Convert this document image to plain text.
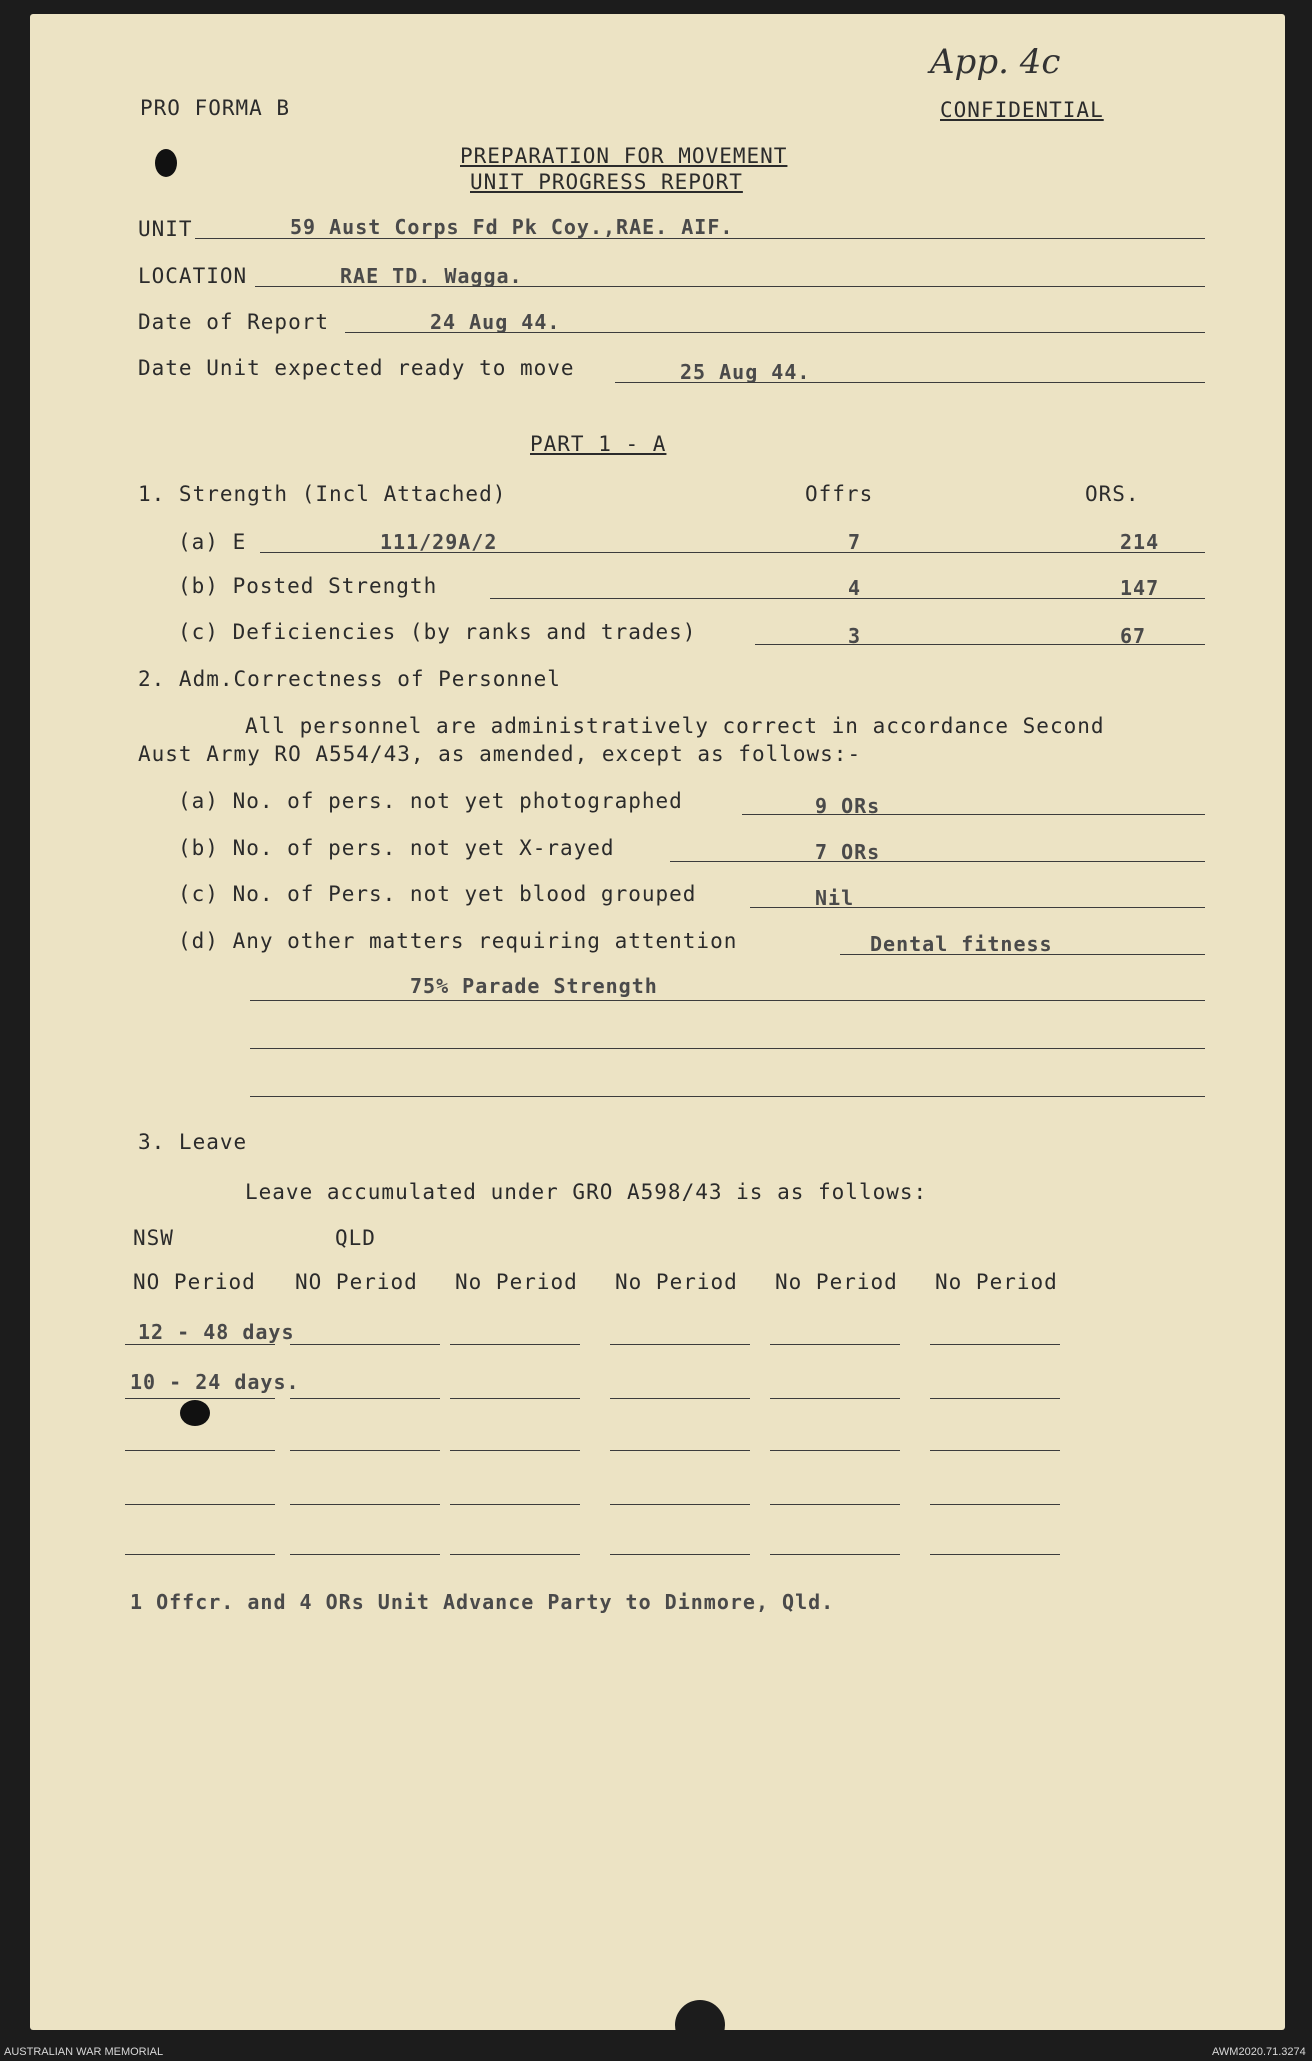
PRO FORMA B
App. 4c
CONFIDENTIAL
PREPARATION FOR MOVEMENT
UNIT PROGRESS REPORT
UNIT	59 Aust Corps Fd Pk Coy.,RAE. AIF.
LOCATION	RAE TD. Wagga.
Date of Report	24 Aug 44.
Date Unit expected ready to move	25 Aug 44.
PART 1 - A
1. Strength (Incl Attached)	Offrs	ORS.
(a) E	111/29A/2	7	214
(b) Posted Strength	4	147
(c) Deficiencies (by ranks and trades)	3	67
2. Adm.Correctness of Personnel
All personnel are administratively correct in accordance Second
Aust Army RO A554/43, as amended, except as follows:-
(a) No. of pers. not yet photographed	9 ORs
(b) No. of pers. not yet X-rayed	7 ORs
(c) No. of Pers. not yet blood grouped	Nil
(d) Any other matters requiring attention	Dental fitness
75% Parade Strength
3. Leave
Leave accumulated under GRO A598/43 is as follows:
NSW	QLD
NO Period NO Period No Period No Period No Period No Period
12 - 48 days
10 - 24 days.
1 Offcr. and 4 ORs Unit Advance Party to Dinmore, Qld.
AUSTRALIAN WAR MEMORIAL	AWM2020.71.3274
